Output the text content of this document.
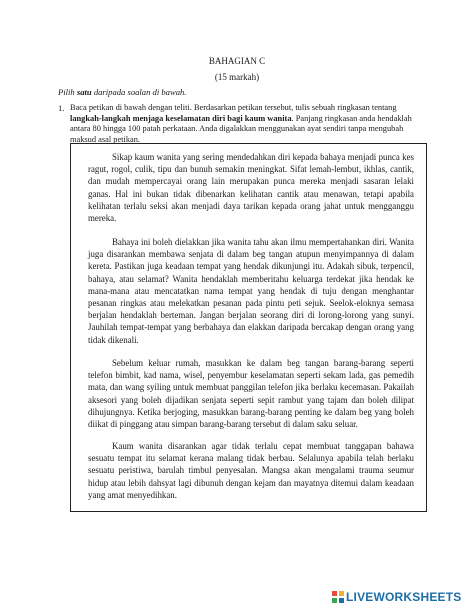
BAHAGIAN C
(15 markah)
Pilih satu daripada soalan di bawah.
1. Baca petikan di bawah dengan teliti. Berdasarkan petikan tersebut, tulis sebuah ringkasan tentang langkah-langkah menjaga keselamatan diri bagi kaum wanita. Panjang ringkasan anda hendaklah antara 80 hingga 100 patah perkataan. Anda digalakkan menggunakan ayat sendiri tanpa mengubah maksud asal petikan.

Sikap kaum wanita yang sering mendedahkan diri kepada bahaya menjadi punca kes ragut, rogol, culik, tipu dan bunuh semakin meningkat. Sifat lemah-lembut, ikhlas, cantik, dan mudah mempercayai orang lain merupakan punca mereka menjadi sasaran lelaki ganas. Hal ini bukan tidak dibenarkan kelihatan cantik atau menawan, tetapi apabila kelihatan terlalu seksi akan menjadi daya tarikan kepada orang jahat untuk mengganggu mereka.

Bahaya ini boleh dielakkan jika wanita tahu akan ilmu mempertahankan diri. Wanita juga disarankan membawa senjata di dalam beg tangan atupun menyimpannya di dalam kereta. Pastikan juga keadaan tempat yang hendak dikunjungi itu. Adakah sibuk, terpencil, bahaya, atau selamat? Wanita hendaklah memberitahu keluarga terdekat jika hendak ke mana-mana atau mencatatkan nama tempat yang hendak di tuju dengan menghantar pesanan ringkas atau melekatkan pesanan pada pintu peti sejuk. Seelok-eloknya semasa berjalan hendaklah berteman. Jangan berjalan seorang diri di lorong-lorong yang sunyi. Jauhilah tempat-tempat yang berbahaya dan elakkan daripada bercakap dengan orang yang tidak dikenali.

Sebelum keluar rumah, masukkan ke dalam beg tangan barang-barang seperti telefon bimbit, kad nama, wisel, penyembur keselamatan seperti sekam lada, gas pemedih mata, dan wang syiling untuk membuat panggilan telefon jika berlaku kecemasan. Pakailah aksesori yang boleh dijadikan senjata seperti sepit rambut yang tajam dan boleh dilipat dihujungnya. Ketika berjoging, masukkan barang-barang penting ke dalam beg yang boleh diikat di pinggang atau simpan barang-barang tersebut di dalam saku seluar.

Kaum wanita disarankan agar tidak terlalu cepat membuat tanggapan bahawa sesuatu tempat itu selamat kerana malang tidak berbau. Selalunya apabila telah berlaku sesuatu peristiwa, barulah timbul penyesalan. Mangsa akan mengalami trauma seumur hidup atau lebih dahsyat lagi dibunuh dengan kejam dan mayatnya ditemui dalam keadaan yang amat menyedihkan.

LIVEWORKSHEETS
